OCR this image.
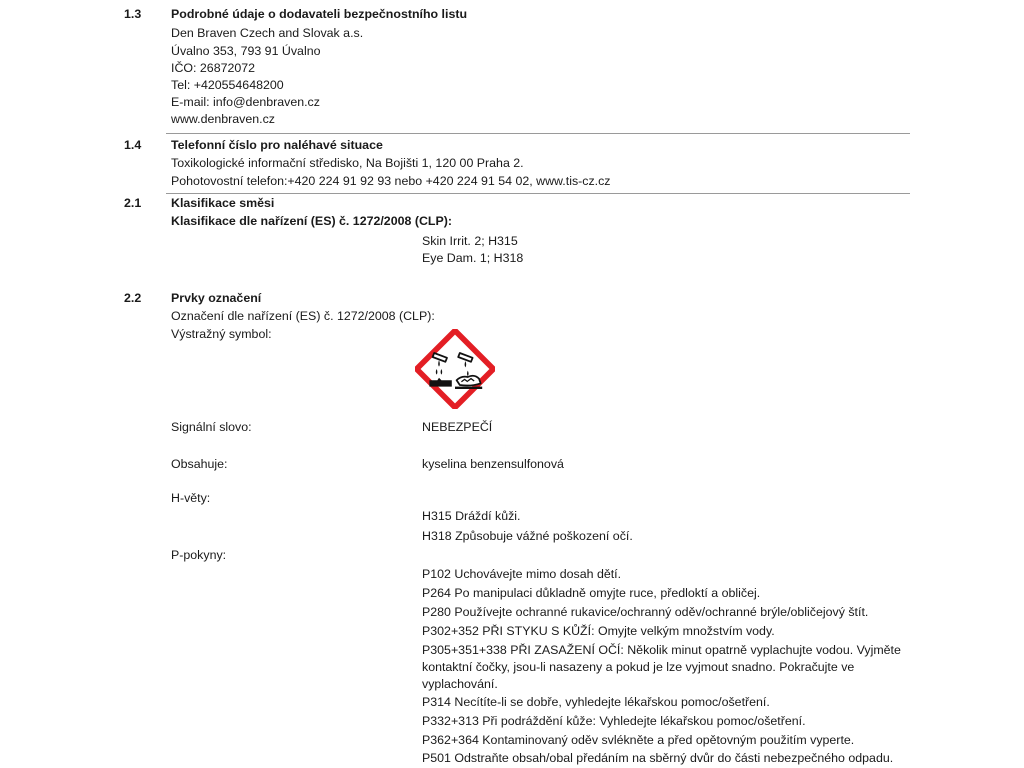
1.3 Podrobné údaje o dodavateli bezpečnostního listu
Den Braven Czech and Slovak a.s.
Úvalno 353, 793 91 Úvalno
IČO: 26872072
Tel: +420554648200
E-mail: info@denbraven.cz
www.denbraven.cz
1.4 Telefonní číslo pro naléhavé situace
Toxikologické informační středisko, Na Bojišti 1, 120 00 Praha 2.
Pohotovostní telefon:+420 224 91 92 93 nebo +420 224 91 54 02, www.tis-cz.cz
2.1 Klasifikace směsi
Klasifikace dle nařízení (ES) č. 1272/2008 (CLP):
Skin Irrit. 2; H315
Eye Dam. 1; H318
2.2 Prvky označení
Označení dle nařízení (ES) č. 1272/2008 (CLP):
Výstražný symbol:
Signální slovo:	NEBEZPEČÍ
Obsahuje:	kyselina benzensulfonová
H-věty:
H315 Dráždí kůži.
H318 Způsobuje vážné poškození očí.
P-pokyny:
P102 Uchovávejte mimo dosah dětí.
P264 Po manipulaci důkladně omyjte ruce, předloktí a obličej.
P280 Používejte ochranné rukavice/ochranný oděv/ochranné brýle/obličejový štít.
P302+352 PŘI STYKU S KŮŽÍ: Omyjte velkým množstvím vody.
P305+351+338 PŘI ZASAŽENÍ OČÍ: Několik minut opatrně vyplachujte vodou. Vyjměte
kontaktní čočky, jsou-li nasazeny a pokud je lze vyjmout snadno. Pokračujte ve
vyplachování.
P314 Necítíte-li se dobře, vyhledejte lékařskou pomoc/ošetření.
P332+313 Při podráždění kůže: Vyhledejte lékařskou pomoc/ošetření.
P362+364 Kontaminovaný oděv svlékněte a před opětovným použitím vyperte.
P501 Odstraňte obsah/obal předáním na sběrný dvůr do části nebezpečného odpadu.
